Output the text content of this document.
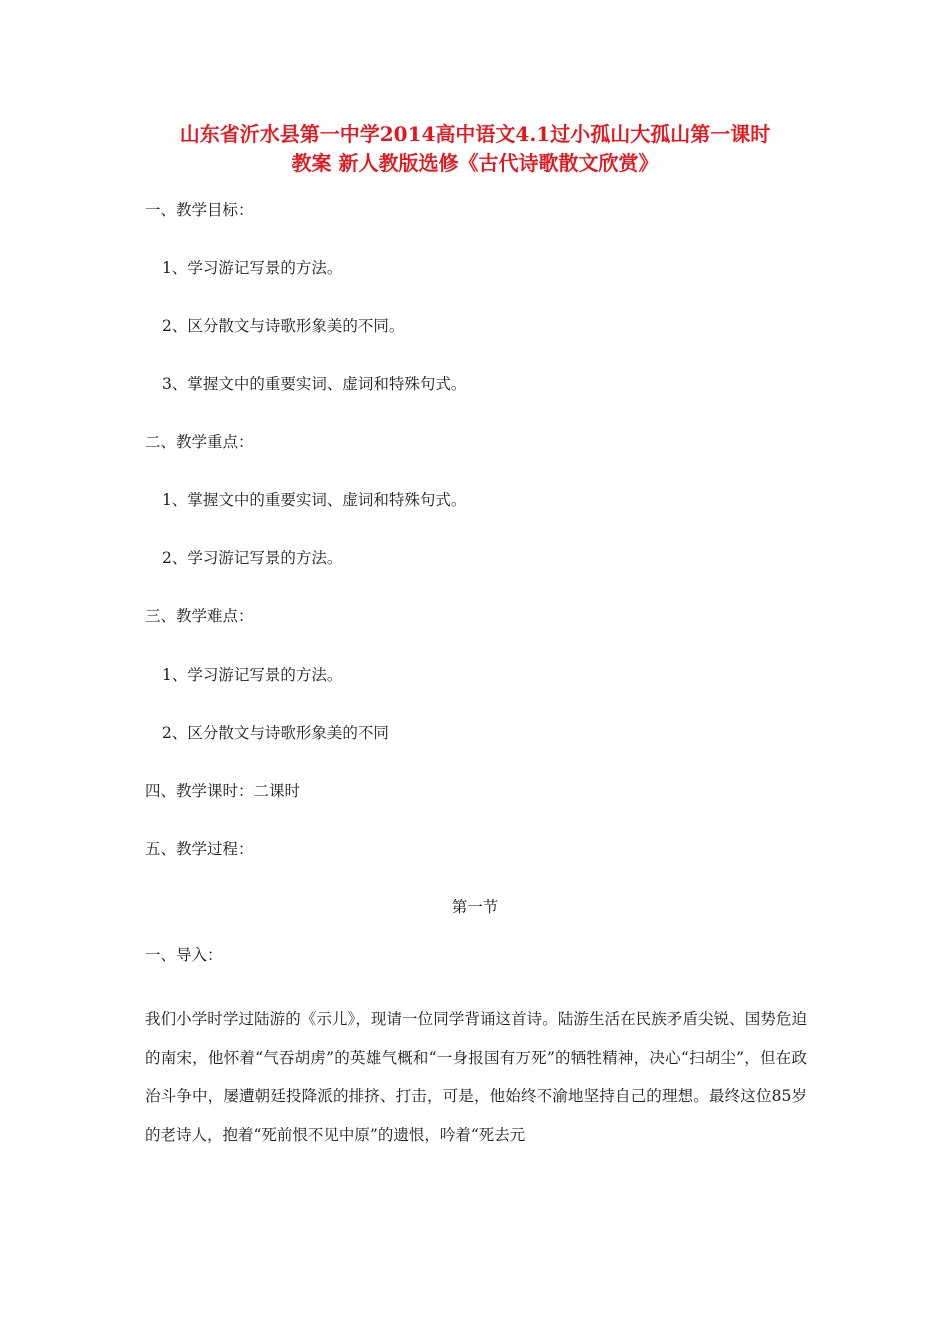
山东省沂水县第一中学2014高中语文4.1过小孤山大孤山第一课时
教案 新人教版选修《古代诗歌散文欣赏》
一、教学目标：
1、学习游记写景的方法。
2、区分散文与诗歌形象美的不同。
3、掌握文中的重要实词、虚词和特殊句式。
二、教学重点：
1、掌握文中的重要实词、虚词和特殊句式。
2、学习游记写景的方法。
三、教学难点：
1、学习游记写景的方法。
2、区分散文与诗歌形象美的不同
四、教学课时：二课时
五、教学过程：
第一节
一、导入：
我们小学时学过陆游的《示儿》，现请一位同学背诵这首诗。陆游生活在民族矛盾尖锐、国势危迫的南宋，他怀着“气吞胡虏”的英雄气概和“一身报国有万死”的牺牲精神，决心“扫胡尘”，但在政治斗争中，屡遭朝廷投降派的排挤、打击，可是，他始终不渝地坚持自己的理想。最终这位85岁的老诗人，抱着“死前恨不见中原”的遗恨，吟着“死去元
